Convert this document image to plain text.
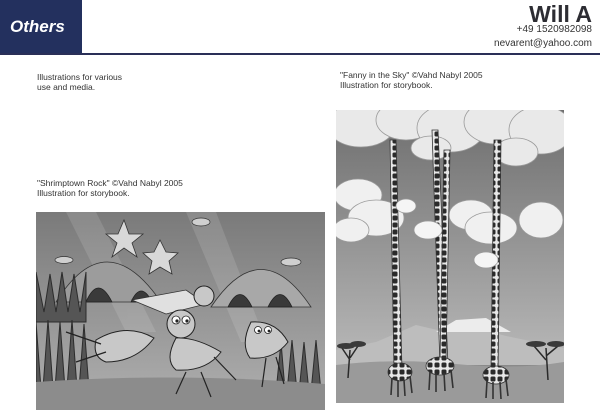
Others	Will A
+49 1520982098
nevarent@yahoo.com
Illustrations for various
use and media.
"Fanny in the Sky" ©Vahd Nabyl 2005
Illustration for storybook.
"Shrimptown Rock" ©Vahd Nabyl 2005
Illustration for storybook.
